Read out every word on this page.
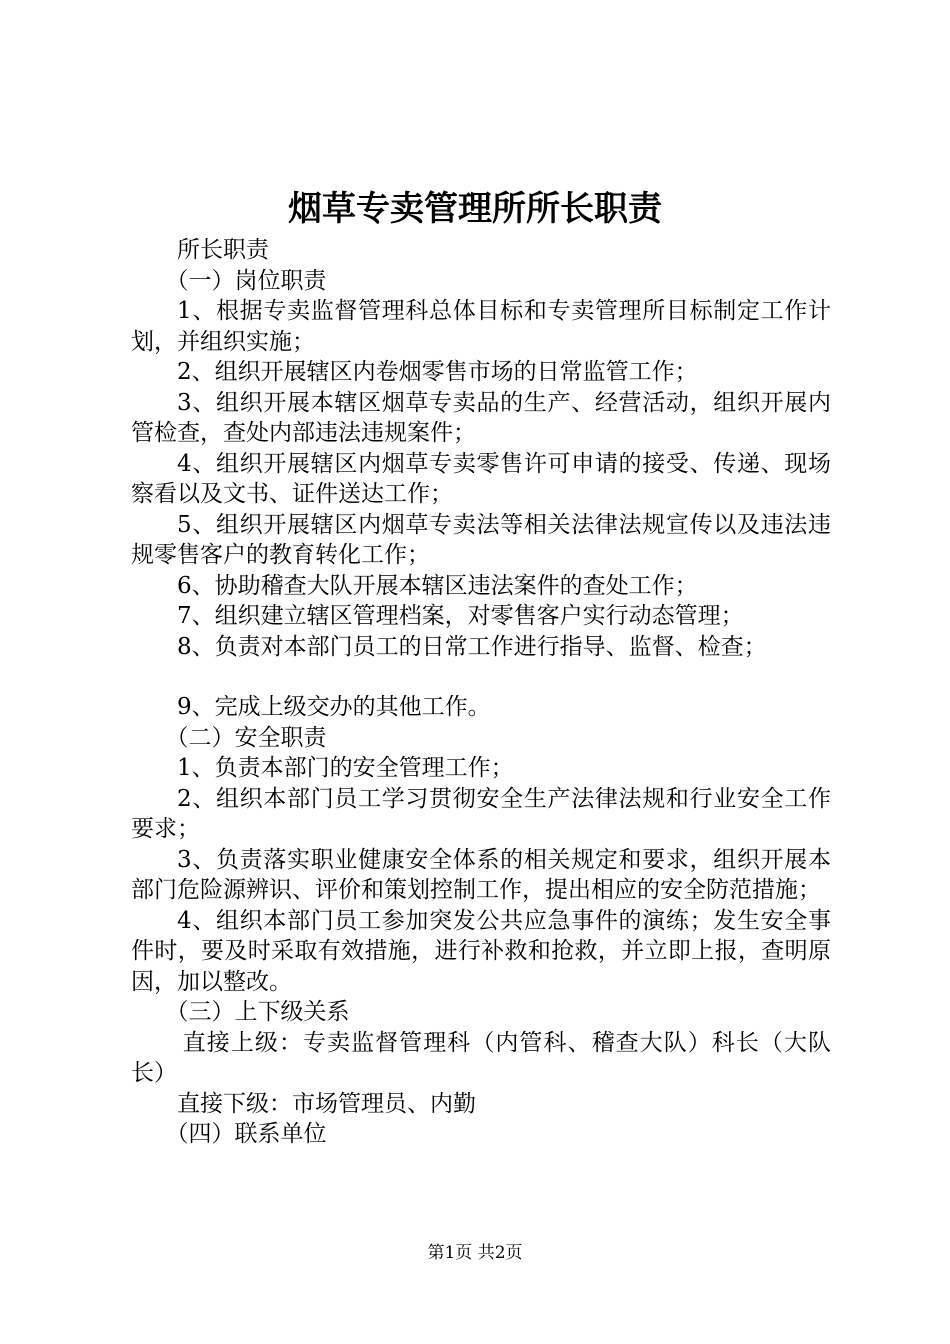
烟草专卖管理所所长职责

所长职责

（一）岗位职责

1、根据专卖监督管理科总体目标和专卖管理所目标制定工作计划，并组织实施；

2、组织开展辖区内卷烟零售市场的日常监管工作；

3、组织开展本辖区烟草专卖品的生产、经营活动，组织开展内管检查，查处内部违法违规案件；

4、组织开展辖区内烟草专卖零售许可申请的接受、传递、现场察看以及文书、证件送达工作；

5、组织开展辖区内烟草专卖法等相关法律法规宣传以及违法违规零售客户的教育转化工作；

6、协助稽查大队开展本辖区违法案件的查处工作；

7、组织建立辖区管理档案，对零售客户实行动态管理；

8、负责对本部门员工的日常工作进行指导、监督、检查；

9、完成上级交办的其他工作。

（二）安全职责

1、负责本部门的安全管理工作；

2、组织本部门员工学习贯彻安全生产法律法规和行业安全工作要求；

3、负责落实职业健康安全体系的相关规定和要求，组织开展本部门危险源辨识、评价和策划控制工作，提出相应的安全防范措施；

4、组织本部门员工参加突发公共应急事件的演练；发生安全事件时，要及时采取有效措施，进行补救和抢救，并立即上报，查明原因，加以整改。

（三）上下级关系

直接上级：专卖监督管理科（内管科、稽查大队）科长（大队长）

直接下级：市场管理员、内勤

（四）联系单位

第1页 共2页
